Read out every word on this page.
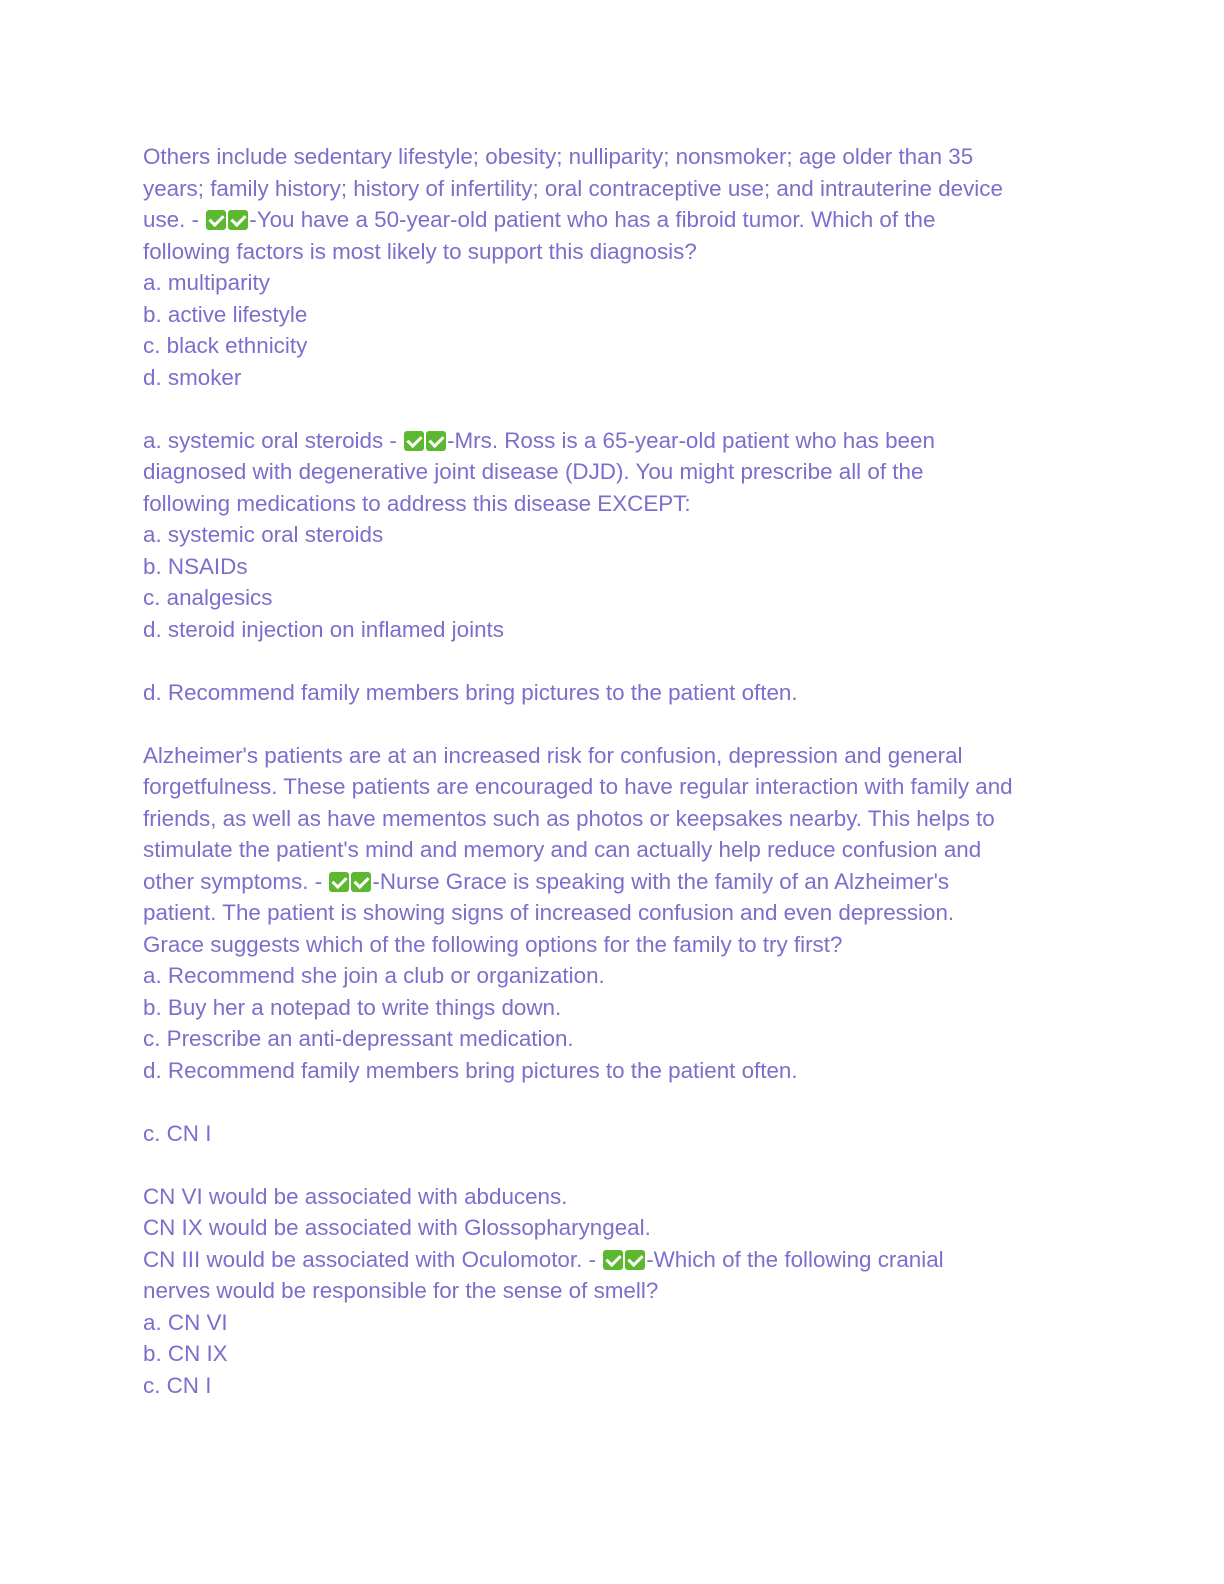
Others include sedentary lifestyle; obesity; nulliparity; nonsmoker; age older than 35
years; family history; history of infertility; oral contraceptive use; and intrauterine device
use. - -You have a 50-year-old patient who has a fibroid tumor. Which of the
following factors is most likely to support this diagnosis?
a. multiparity
b. active lifestyle
c. black ethnicity
d. smoker
a. systemic oral steroids - -Mrs. Ross is a 65-year-old patient who has been
diagnosed with degenerative joint disease (DJD). You might prescribe all of the
following medications to address this disease EXCEPT:
a. systemic oral steroids
b. NSAIDs
c. analgesics
d. steroid injection on inflamed joints
d. Recommend family members bring pictures to the patient often.
Alzheimer's patients are at an increased risk for confusion, depression and general
forgetfulness. These patients are encouraged to have regular interaction with family and
friends, as well as have mementos such as photos or keepsakes nearby. This helps to
stimulate the patient's mind and memory and can actually help reduce confusion and
other symptoms. - -Nurse Grace is speaking with the family of an Alzheimer's
patient. The patient is showing signs of increased confusion and even depression.
Grace suggests which of the following options for the family to try first?
a. Recommend she join a club or organization.
b. Buy her a notepad to write things down.
c. Prescribe an anti-depressant medication.
d. Recommend family members bring pictures to the patient often.
c. CN I
CN VI would be associated with abducens.
CN IX would be associated with Glossopharyngeal.
CN III would be associated with Oculomotor. - -Which of the following cranial
nerves would be responsible for the sense of smell?
a. CN VI
b. CN IX
c. CN I
